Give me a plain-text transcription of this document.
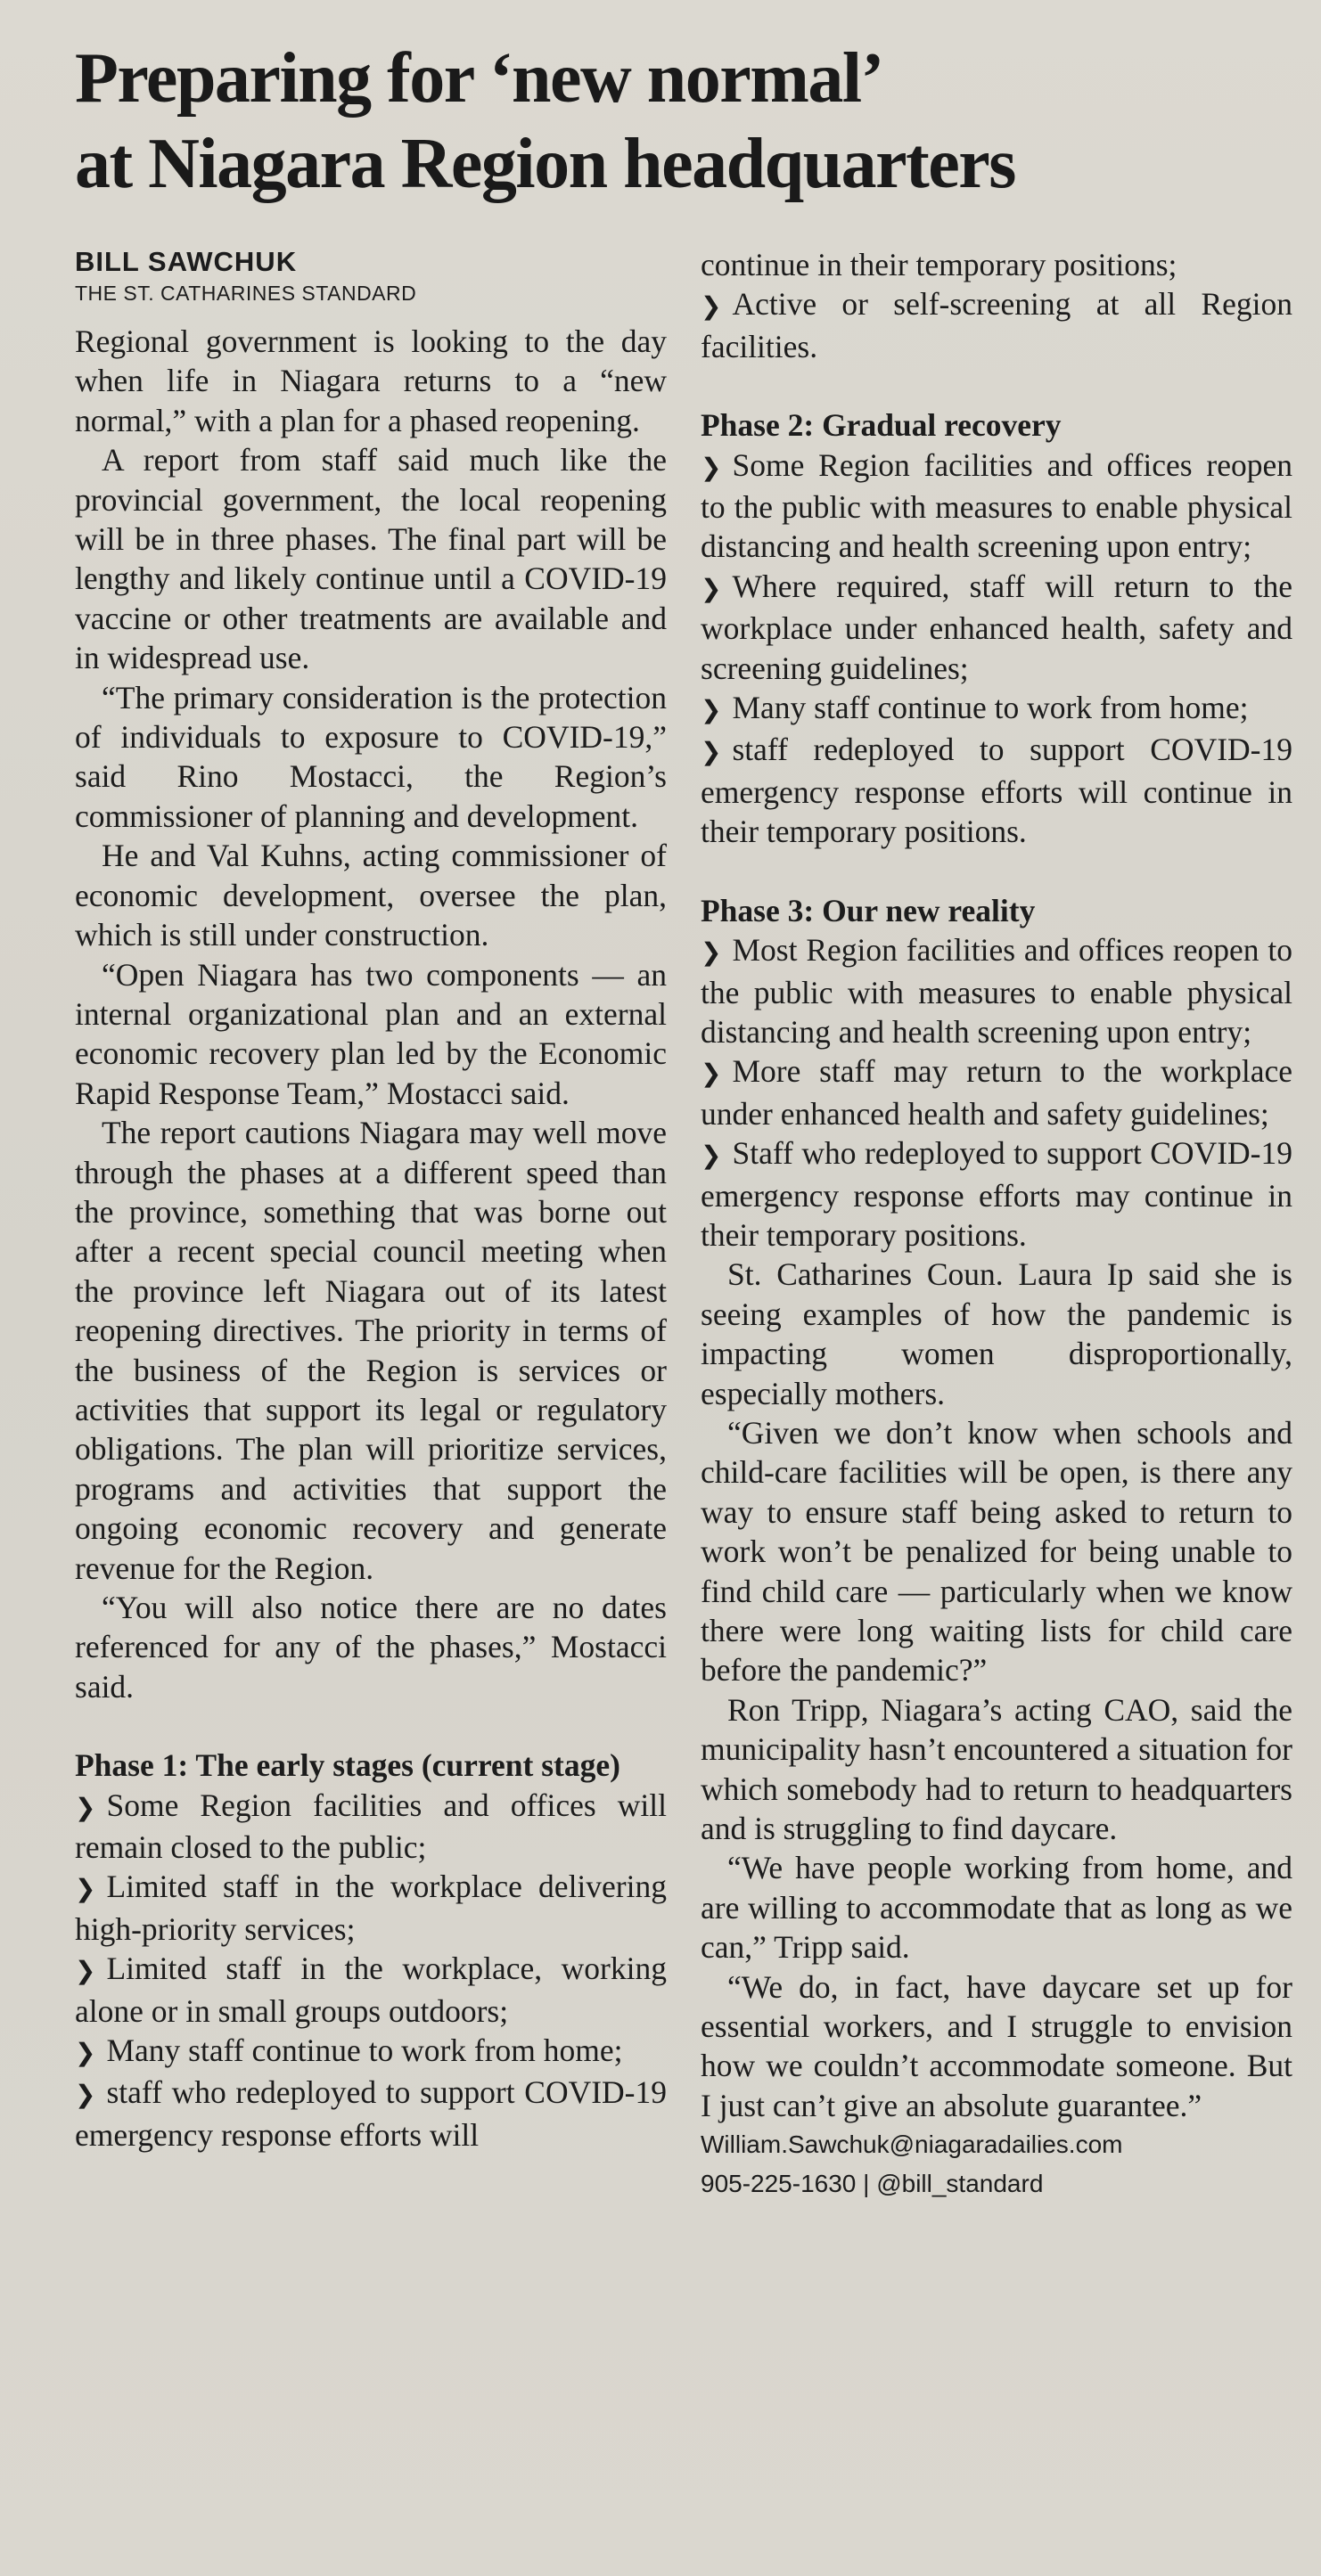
Preparing for ‘new normal’
at Niagara Region headquarters
BILL SAWCHUK
THE ST. CATHARINES STANDARD

Regional government is looking to the day when life in Niagara returns to a “new normal,” with a plan for a phased reopening.

A report from staff said much like the provincial government, the local reopening will be in three phases. The final part will be lengthy and likely continue until a COVID-19 vaccine or other treatments are available and in widespread use.

“The primary consideration is the protection of individuals to exposure to COVID-19,” said Rino Mostacci, the Region’s commissioner of planning and development.

He and Val Kuhns, acting commissioner of economic development, oversee the plan, which is still under construction.

“Open Niagara has two components — an internal organizational plan and an external economic recovery plan led by the Economic Rapid Response Team,” Mostacci said.

The report cautions Niagara may well move through the phases at a different speed than the province, something that was borne out after a recent special council meeting when the province left Niagara out of its latest reopening directives. The priority in terms of the business of the Region is services or activities that support its legal or regulatory obligations. The plan will prioritize services, programs and activities that support the ongoing economic recovery and generate revenue for the Region.

“You will also notice there are no dates referenced for any of the phases,” Mostacci said.

Phase 1: The early stages (current stage)

❯ Some Region facilities and offices will remain closed to the public;

❯ Limited staff in the workplace delivering high-priority services;

❯ Limited staff in the workplace, working alone or in small groups outdoors;

❯ Many staff continue to work from home;

❯ staff who redeployed to support COVID-19 emergency response efforts will

continue in their temporary positions;

❯ Active or self-screening at all Region facilities.

Phase 2: Gradual recovery

❯ Some Region facilities and offices reopen to the public with measures to enable physical distancing and health screening upon entry;

❯ Where required, staff will return to the workplace under enhanced health, safety and screening guidelines;

❯ Many staff continue to work from home;

❯ staff redeployed to support COVID-19 emergency response efforts will continue in their temporary positions.

Phase 3: Our new reality

❯ Most Region facilities and offices reopen to the public with measures to enable physical distancing and health screening upon entry;

❯ More staff may return to the workplace under enhanced health and safety guidelines;

❯ Staff who redeployed to support COVID-19 emergency response efforts may continue in their temporary positions.

St. Catharines Coun. Laura Ip said she is seeing examples of how the pandemic is impacting women disproportionally, especially mothers.

“Given we don’t know when schools and child-care facilities will be open, is there any way to ensure staff being asked to return to work won’t be penalized for being unable to find child care — particularly when we know there were long waiting lists for child care before the pandemic?”

Ron Tripp, Niagara’s acting CAO, said the municipality hasn’t encountered a situation for which somebody had to return to headquarters and is struggling to find daycare.

“We have people working from home, and are willing to accommodate that as long as we can,” Tripp said.

“We do, in fact, have daycare set up for essential workers, and I struggle to envision how we couldn’t accommodate someone. But I just can’t give an absolute guarantee.”

William.Sawchuk@niagaradailies.com

905-225-1630 | @bill_standard
